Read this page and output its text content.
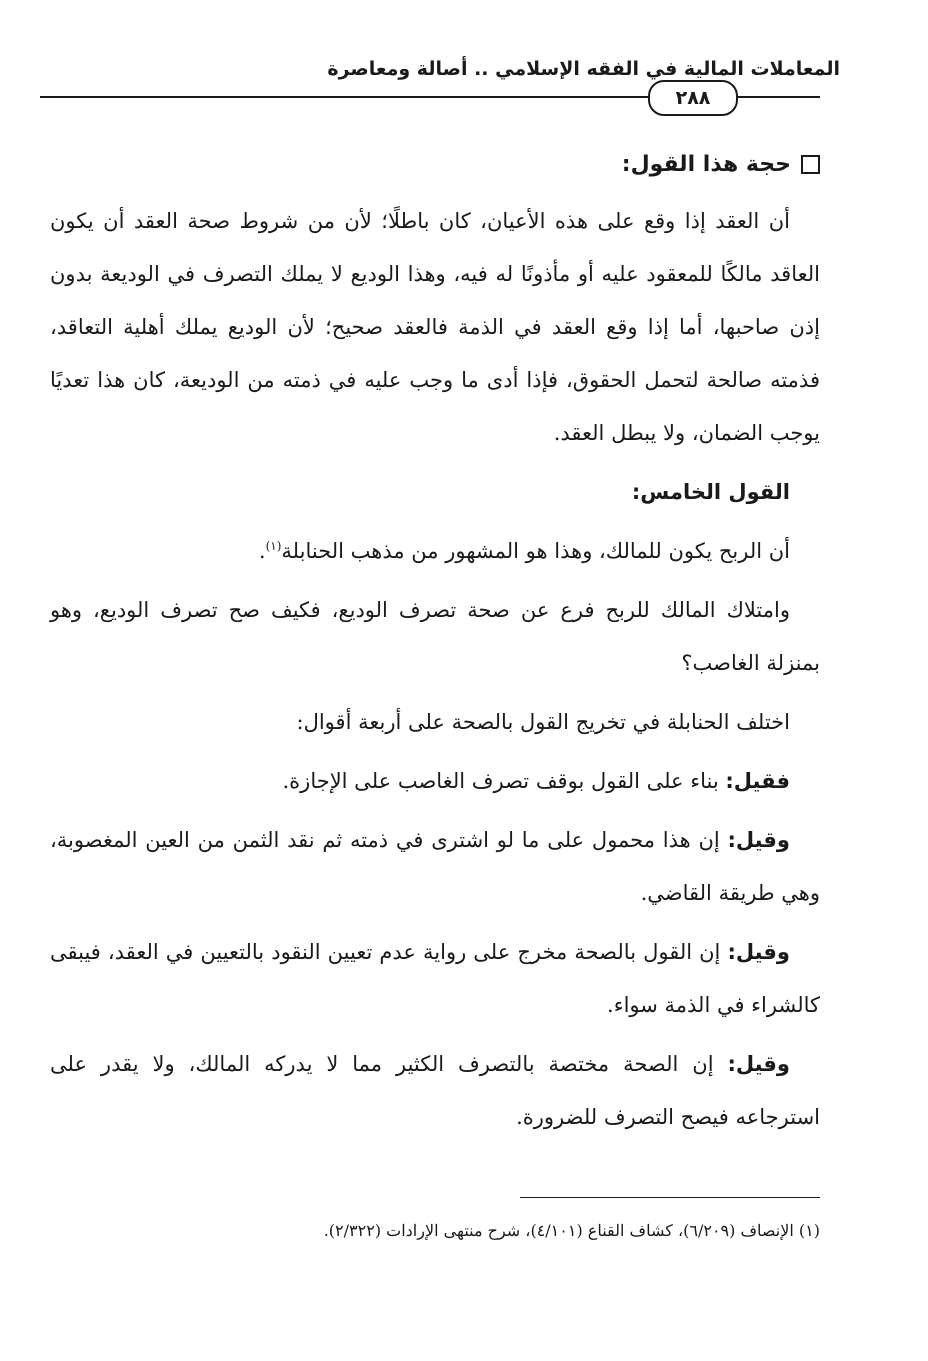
المعاملات المالية في الفقه الإسلامي .. أصالة ومعاصرة
٢٨٨
حجة هذا القول:

أن العقد إذا وقع على هذه الأعيان، كان باطلًا؛ لأن من شروط صحة العقد أن يكون العاقد مالكًا للمعقود عليه أو مأذونًا له فيه، وهذا الوديع لا يملك التصرف في الوديعة بدون إذن صاحبها، أما إذا وقع العقد في الذمة فالعقد صحيح؛ لأن الوديع يملك أهلية التعاقد، فذمته صالحة لتحمل الحقوق، فإذا أدى ما وجب عليه في ذمته من الوديعة، كان هذا تعديًا يوجب الضمان، ولا يبطل العقد.

القول الخامس:

أن الربح يكون للمالك، وهذا هو المشهور من مذهب الحنابلة$^{(١)}$.

وامتلاك المالك للربح فرع عن صحة تصرف الوديع، فكيف صح تصرف الوديع، وهو بمنزلة الغاصب؟

اختلف الحنابلة في تخريج القول بالصحة على أربعة أقوال:

فقيل: بناء على القول بوقف تصرف الغاصب على الإجازة.

وقيل: إن هذا محمول على ما لو اشترى في ذمته ثم نقد الثمن من العين المغصوبة، وهي طريقة القاضي.

وقيل: إن القول بالصحة مخرج على رواية عدم تعيين النقود بالتعيين في العقد، فيبقى كالشراء في الذمة سواء.

وقيل: إن الصحة مختصة بالتصرف الكثير مما لا يدركه المالك، ولا يقدر على استرجاعه فيصح التصرف للضرورة.

(١) الإنصاف (٦/٢٠٩)، كشاف القناع (٤/١٠١)، شرح منتهى الإرادات (٢/٣٢٢).
